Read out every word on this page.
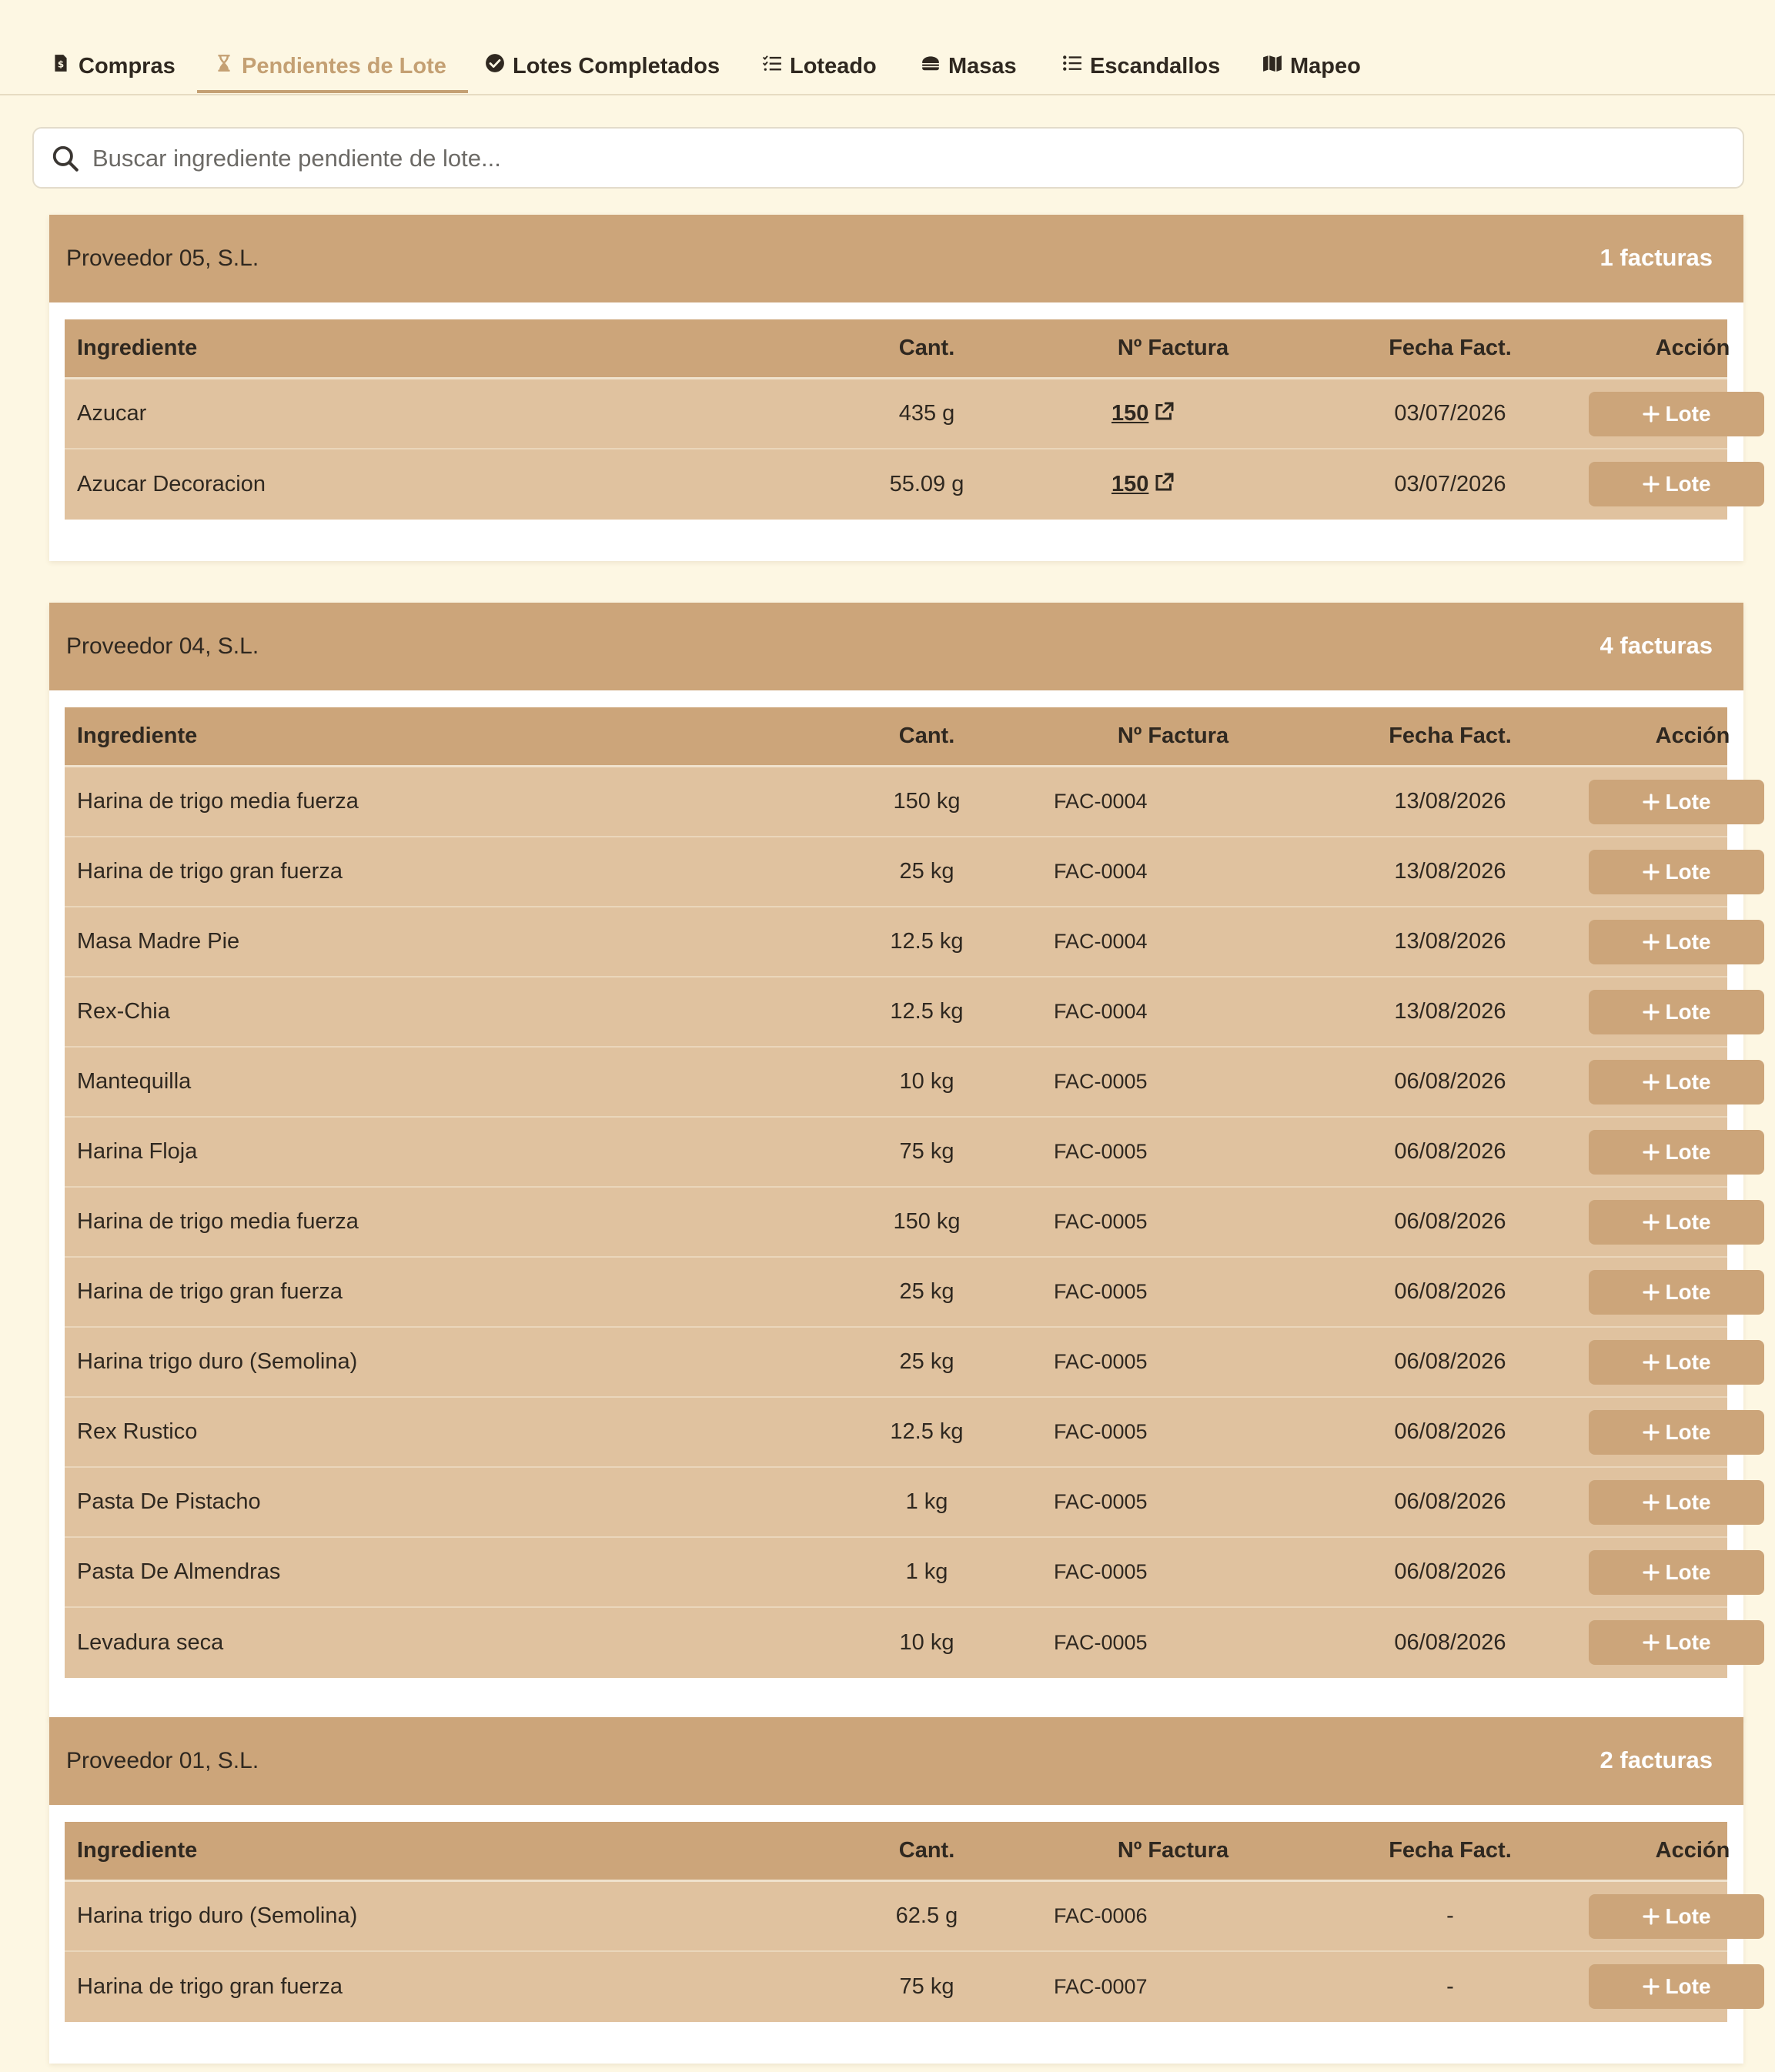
$ Compras	Pendientes de Lote	Lotes Completados	Loteado	Masas	Escandallos	Mapeo
Buscar ingrediente pendiente de lote...
Proveedor 05, S.L.	1 facturas
Ingrediente	Cant.	Nº Factura	Fecha Fact.	Acción
Azucar	435 g	150	03/07/2026	Lote
Azucar Decoracion	55.09 g	150	03/07/2026	Lote
Proveedor 04, S.L.	4 facturas
Ingrediente	Cant.	Nº Factura	Fecha Fact.	Acción
Harina de trigo media fuerza	150 kg	FAC-0004	13/08/2026	Lote
Harina de trigo gran fuerza	25 kg	FAC-0004	13/08/2026	Lote
Masa Madre Pie	12.5 kg	FAC-0004	13/08/2026	Lote
Rex-Chia	12.5 kg	FAC-0004	13/08/2026	Lote
Mantequilla	10 kg	FAC-0005	06/08/2026	Lote
Harina Floja	75 kg	FAC-0005	06/08/2026	Lote
Harina de trigo media fuerza	150 kg	FAC-0005	06/08/2026	Lote
Harina de trigo gran fuerza	25 kg	FAC-0005	06/08/2026	Lote
Harina trigo duro (Semolina)	25 kg	FAC-0005	06/08/2026	Lote
Rex Rustico	12.5 kg	FAC-0005	06/08/2026	Lote
Pasta De Pistacho	1 kg	FAC-0005	06/08/2026	Lote
Pasta De Almendras	1 kg	FAC-0005	06/08/2026	Lote
Levadura seca	10 kg	FAC-0005	06/08/2026	Lote
Proveedor 01, S.L.	2 facturas
Ingrediente	Cant.	Nº Factura	Fecha Fact.	Acción
Harina trigo duro (Semolina)	62.5 g	FAC-0006	-	Lote
Harina de trigo gran fuerza	75 kg	FAC-0007	-	Lote
